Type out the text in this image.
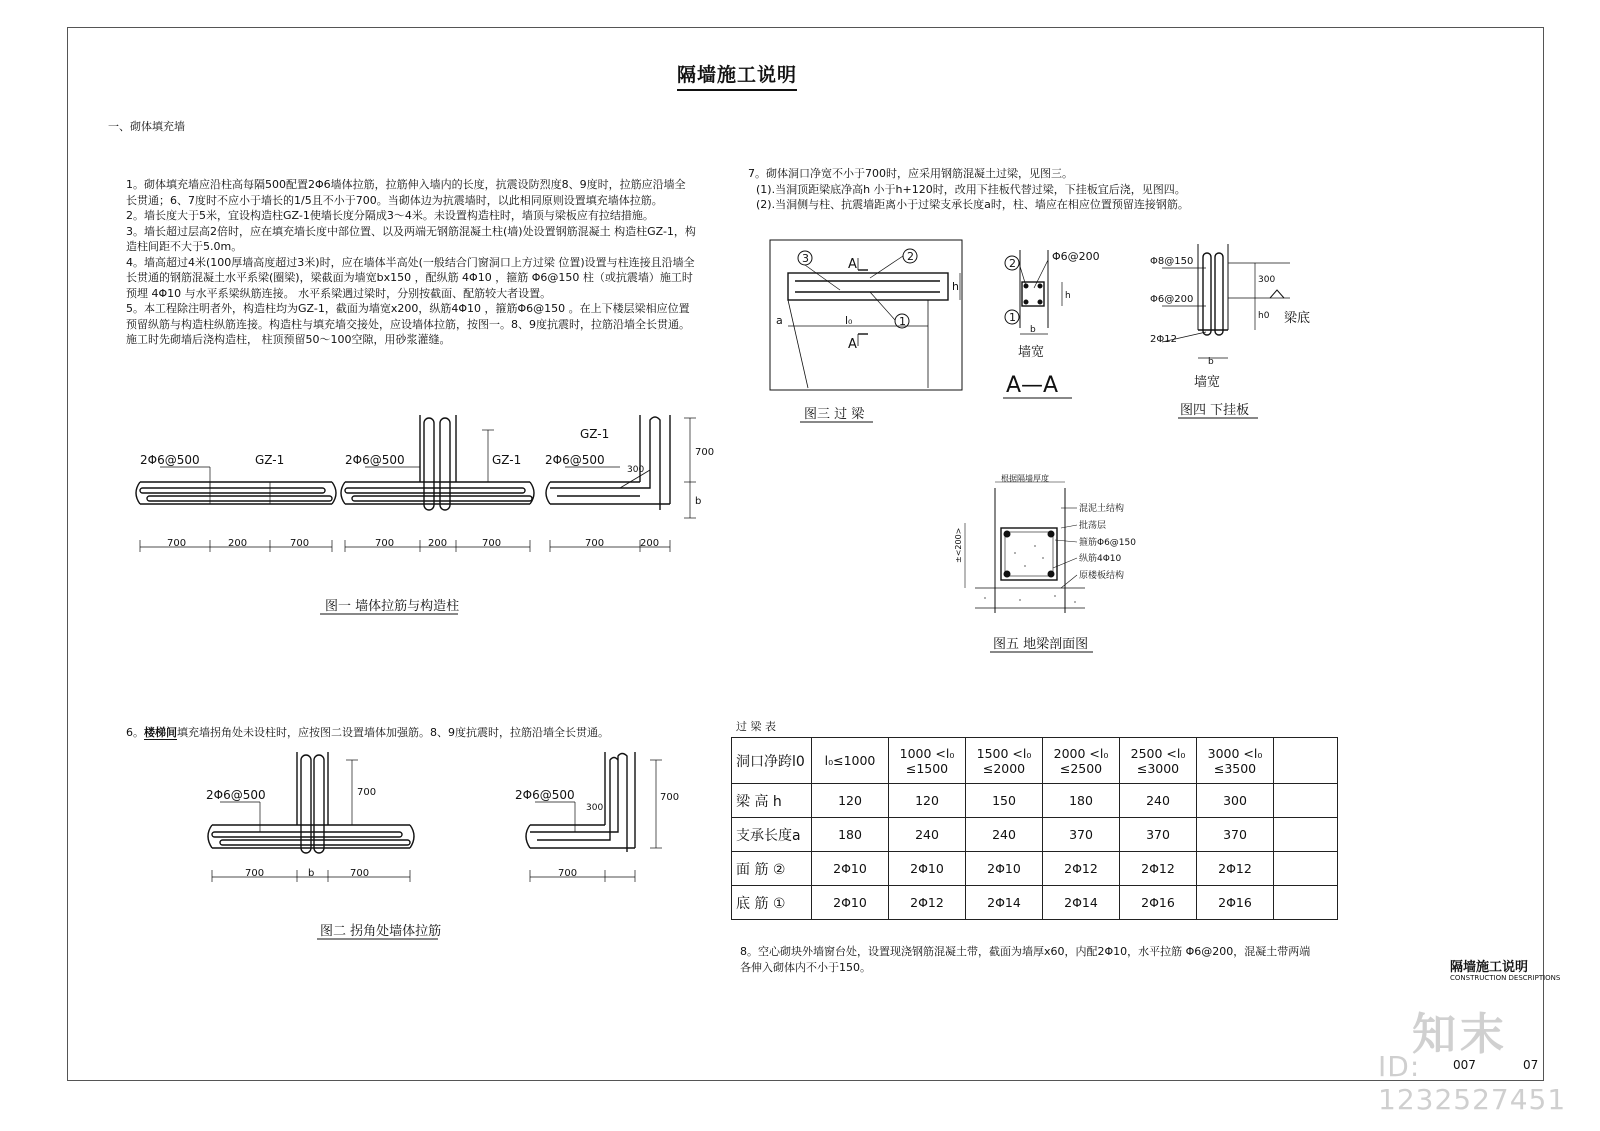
隔墙施工说明
一、砌体填充墙
1。砌体填充墙应沿柱高每隔500配置2Φ6墙体拉筋，拉筋伸入墙内的长度，抗震设防烈度8、9度时，拉筋应沿墙全长贯通；6、7度时不应小于墙长的1/5且不小于700。当砌体边为抗震墙时，以此相同原则设置填充墙体拉筋。
2。墙长度大于5米，宜设构造柱GZ-1使墙长度分隔成3～4米。未设置构造柱时，墙顶与梁板应有拉结措施。
3。墙长超过层高2倍时，应在填充墙长度中部位置、以及两端无钢筋混凝土柱(墙)处设置钢筋混凝土 构造柱GZ-1，构造柱间距不大于5.0m。
4。墙高超过4米(100厚墙高度超过3米)时，应在墙体半高处(一般结合门窗洞口上方过梁 位置)设置与柱连接且沿墙全长贯通的钢筋混凝土水平系梁(圈梁)，梁截面为墙宽bx150 ，配纵筋 4Φ10 ，箍筋 Φ6@150 柱（或抗震墙）施工时预埋 4Φ10 与水平系梁纵筋连接。 水平系梁遇过梁时，分别按截面、配筋较大者设置。
5。本工程除注明者外，构造柱均为GZ-1，截面为墙宽x200，纵筋4Φ10 ，箍筋Φ6@150 。在上下楼层梁相应位置预留纵筋与构造柱纵筋连接。构造柱与填充墙交接处，应设墙体拉筋，按图一。8、9度抗震时，拉筋沿墙全长贯通。施工时先砌墙后浇构造柱， 柱顶预留50～100空隙，用砂浆灌缝。
7。砌体洞口净宽不小于700时，应采用钢筋混凝土过梁，见图三。
(1).当洞顶距梁底净高h 小于h+120时，改用下挂板代替过梁，下挂板宜后浇，见图四。
(2).当洞侧与柱、抗震墙距离小于过梁支承长度a时，柱、墙应在相应位置预留连接钢筋。
6。楼梯间填充墙拐角处未设柱时，应按图二设置墙体加强筋。8、9度抗震时，拉筋沿墙全长贯通。
8。空心砌块外墙窗台处，设置现浇钢筋混凝土带，截面为墙厚x60，内配2Φ10，水平拉筋 Φ6@200，混凝土带两端各伸入砌体内不小于150。
2Φ6@500	GZ-1	2Φ6@500	GZ-1 2Φ6@500
GZ-1
300
700	200	700	700	200	700	700	200
700
b
图一 墙体拉筋与构造柱
2Φ6@500	2Φ6@500
300
700	700
700	b	700	700
图二 拐角处墙体拉筋
3	2
1
A
A
a
h
l₀
图三 过 梁
2
1
Φ6@200
h
b
墙宽
A—A
Φ8@150
Φ6@200
2Φ12
300
h0 梁底
b
墙宽
图四 下挂板
根据隔墙厚度
±<200>
混泥土结构
批荡层
箍筋Φ6@150
纵筋4Φ10
原楼板结构
图五 地梁剖面图
过 梁 表
洞口净跨l0	l₀≤1000	1000 <l₀ ≤1500	1500 <l₀ ≤2000	2000 <l₀ ≤2500	2500 <l₀ ≤3000	3000 <l₀ ≤3500	
梁 高 h	120	120	150	180	240	300	
支承长度a	180	240	240	370	370	370	
面 筋 ②	2Φ10	2Φ10	2Φ10	2Φ12	2Φ12	2Φ12	
底 筋 ①	2Φ10	2Φ12	2Φ14	2Φ14	2Φ16	2Φ16	
隔墙施工说明
CONSTRUCTION DESCRIPTIONS
知末
ID: 1232527451
007	07
